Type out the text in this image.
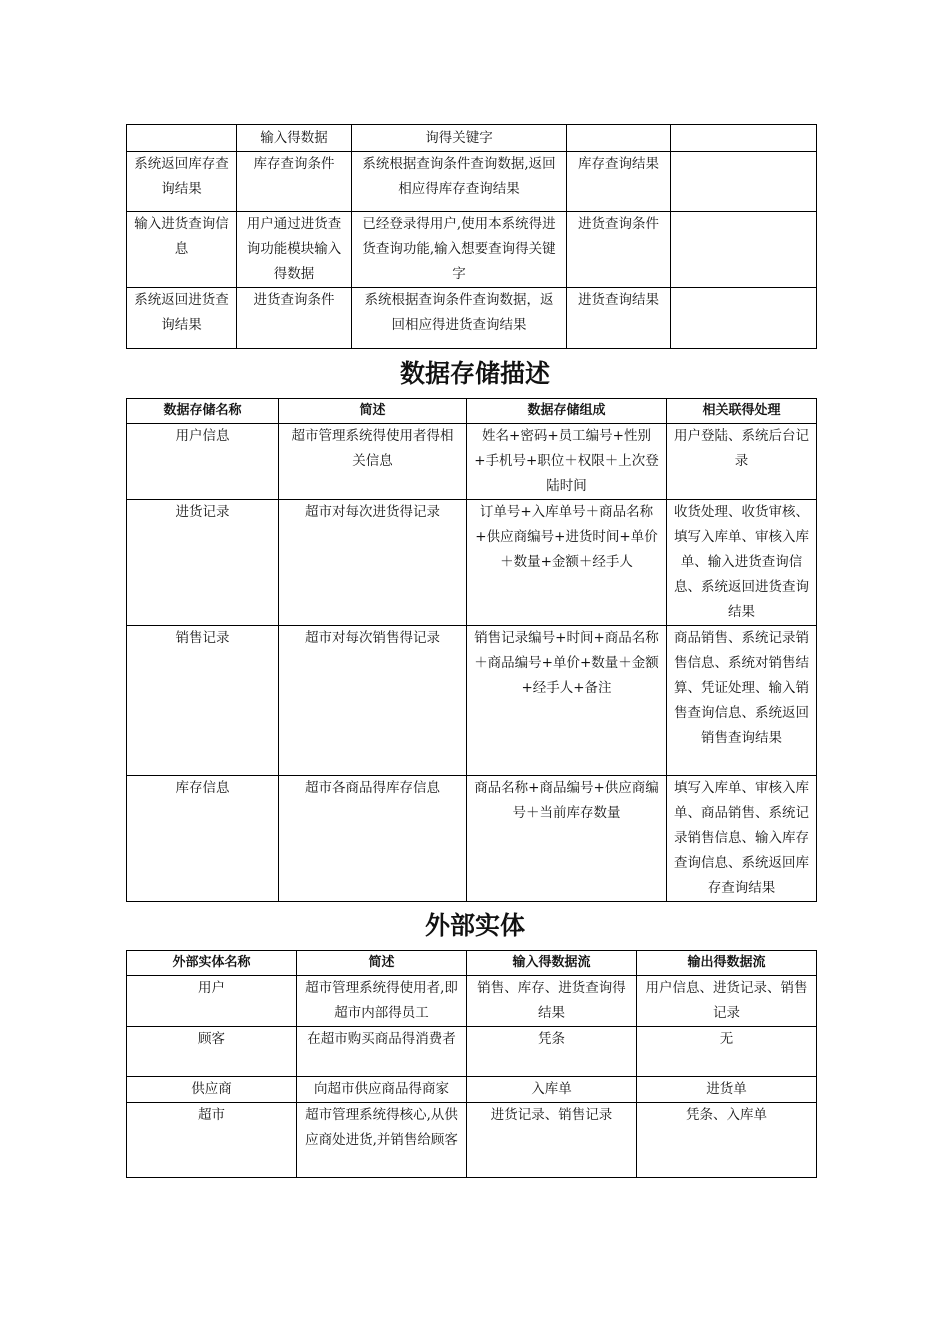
	输入得数据	询得关键字		
系统返回库存查询结果	库存查询条件	系统根据查询条件查询数据,返回相应得库存查询结果	库存查询结果	
输入进货查询信息	用户通过进货查询功能模块输入得数据	已经登录得用户,使用本系统得进货查询功能,输入想要查询得关键字	进货查询条件	
系统返回进货查询结果	进货查询条件	系统根据查询条件查询数据，返回相应得进货查询结果	进货查询结果	
数据存储描述
数据存储名称	简述	数据存储组成	相关联得处理
用户信息	超市管理系统得使用者得相关信息	姓名+密码+员工编号+性别+手机号+职位＋权限＋上次登陆时间	用户登陆、系统后台记录
进货记录	超市对每次进货得记录	订单号+入库单号＋商品名称+供应商编号+进货时间+单价＋数量+金额＋经手人	收货处理、收货审核、填写入库单、审核入库单、输入进货查询信息、系统返回进货查询结果
销售记录	超市对每次销售得记录	销售记录编号+时间+商品名称＋商品编号+单价+数量＋金额+经手人+备注	商品销售、系统记录销售信息、系统对销售结算、凭证处理、输入销售查询信息、系统返回销售查询结果
库存信息	超市各商品得库存信息	商品名称+商品编号+供应商编号＋当前库存数量	填写入库单、审核入库单、商品销售、系统记录销售信息、输入库存查询信息、系统返回库存查询结果
外部实体
外部实体名称	简述	输入得数据流	输出得数据流
用户	超市管理系统得使用者,即超市内部得员工	销售、库存、进货查询得结果	用户信息、进货记录、销售记录
顾客	在超市购买商品得消费者	凭条	无
供应商	向超市供应商品得商家	入库单	进货单
超市	超市管理系统得核心,从供应商处进货,并销售给顾客	进货记录、销售记录	凭条、入库单
